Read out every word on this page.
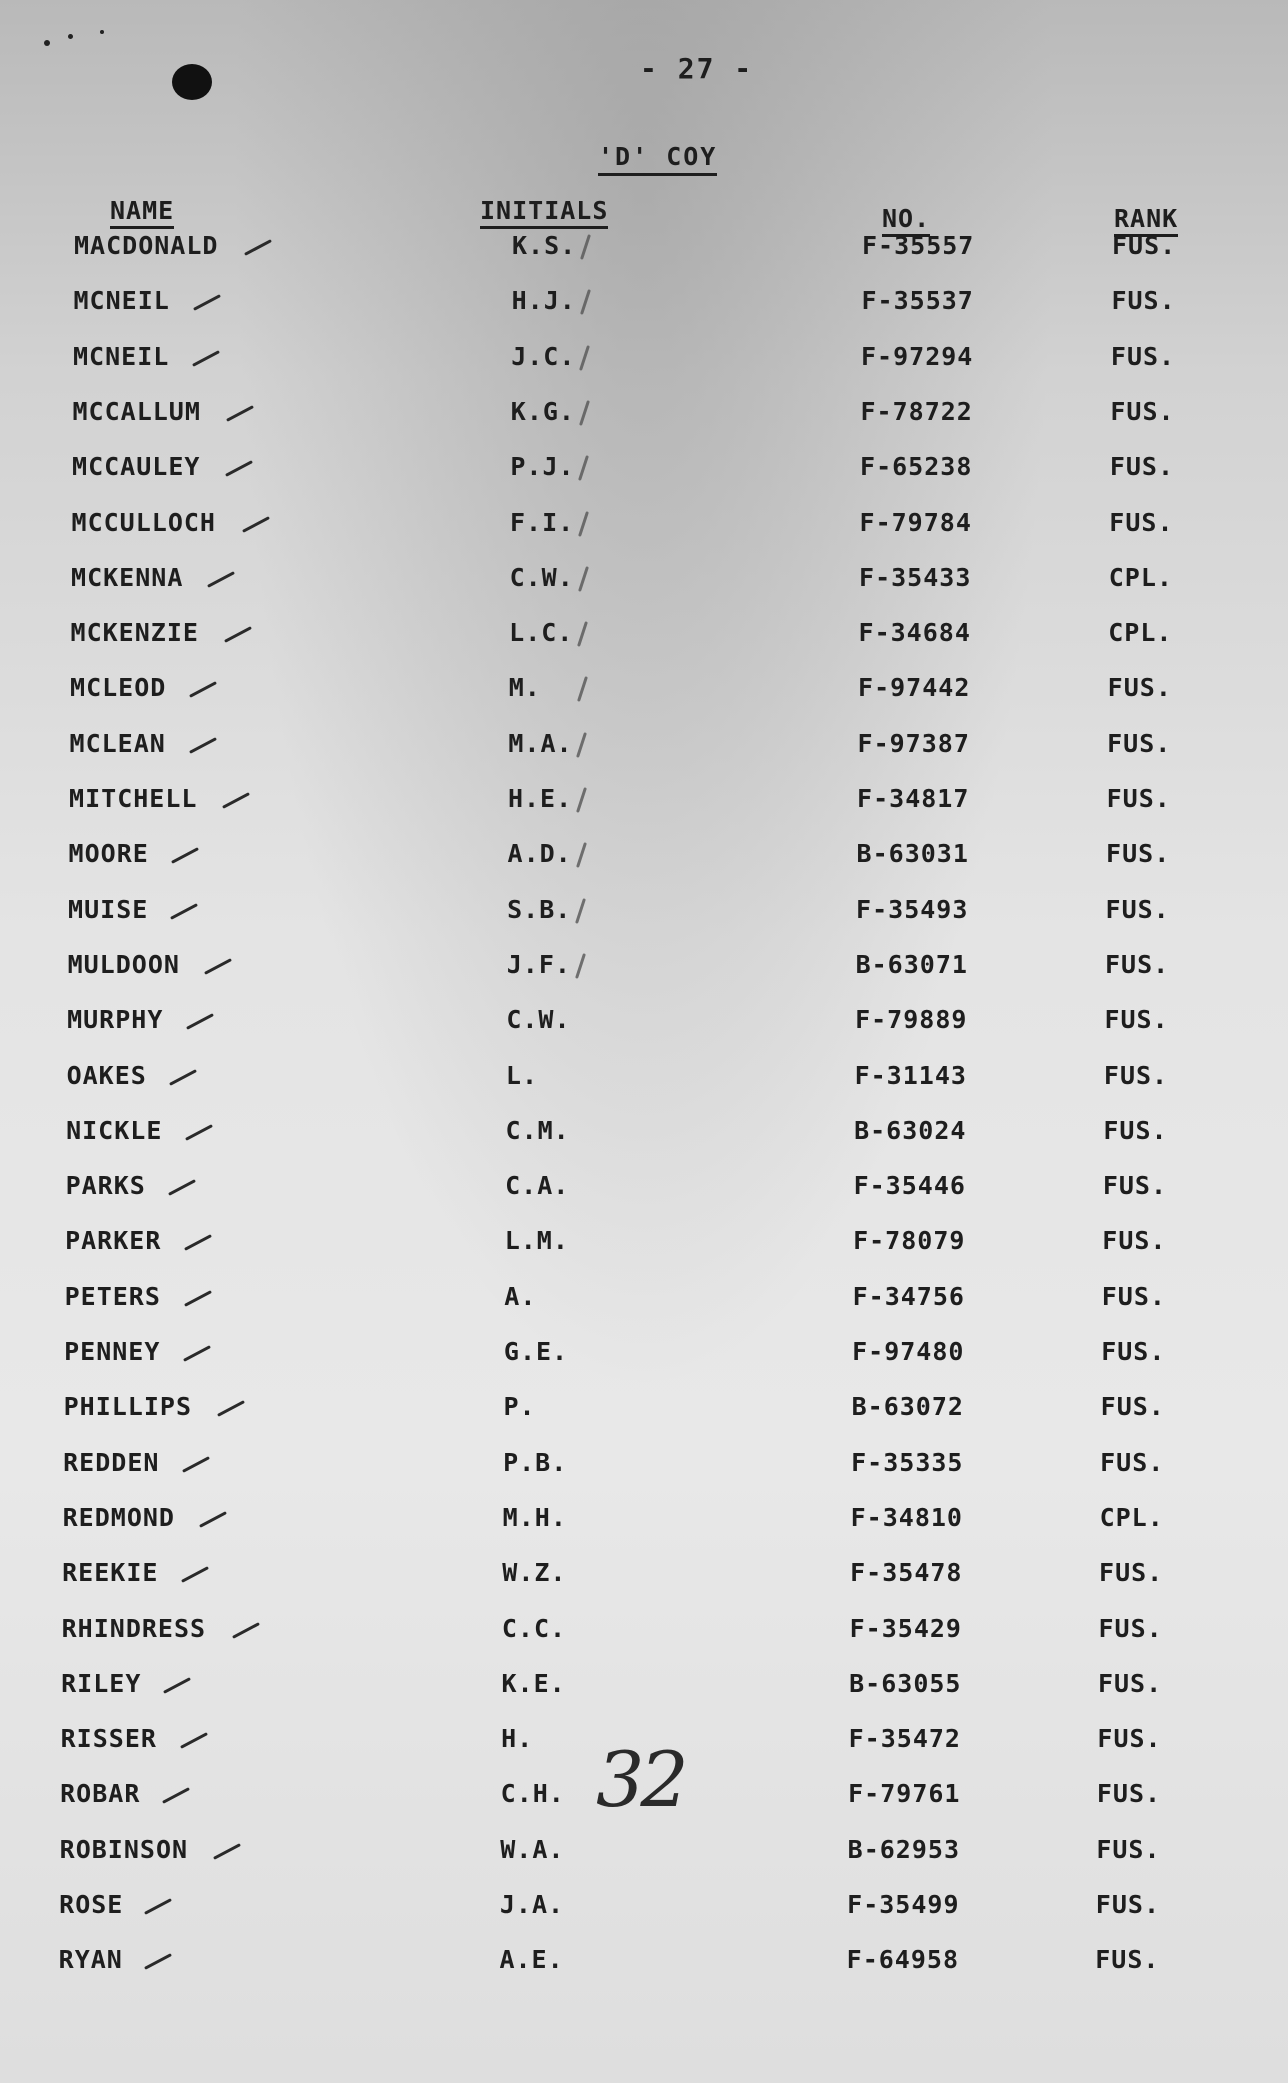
- 27 -
'D' COY
NAME	INITIALS	NO.	RANK
MACDONALD	K.S.	F-35557	FUS.
MCNEIL	H.J.	F-35537	FUS.
MCNEIL	J.C.	F-97294	FUS.
MCCALLUM	K.G.	F-78722	FUS.
MCCAULEY	P.J.	F-65238	FUS.
MCCULLOCH	F.I.	F-79784	FUS.
MCKENNA	C.W.	F-35433	CPL.
MCKENZIE	L.C.	F-34684	CPL.
MCLEOD	M.	F-97442	FUS.
MCLEAN	M.A.	F-97387	FUS.
MITCHELL	H.E.	F-34817	FUS.
MOORE	A.D.	B-63031	FUS.
MUISE	S.B.	F-35493	FUS.
MULDOON	J.F.	B-63071	FUS.
MURPHY	C.W.	F-79889	FUS.
OAKES	L.	F-31143	FUS.
NICKLE	C.M.	B-63024	FUS.
PARKS	C.A.	F-35446	FUS.
PARKER	L.M.	F-78079	FUS.
PETERS	A.	F-34756	FUS.
PENNEY	G.E.	F-97480	FUS.
PHILLIPS	P.	B-63072	FUS.
REDDEN	P.B.	F-35335	FUS.
REDMOND	M.H.	F-34810	CPL.
REEKIE	W.Z.	F-35478	FUS.
RHINDRESS	C.C.	F-35429	FUS.
RILEY	K.E.	B-63055	FUS.
RISSER	H.	F-35472	FUS.
ROBAR	C.H.	F-79761	FUS.
ROBINSON	W.A.	B-62953	FUS.
ROSE	J.A.	F-35499	FUS.
RYAN	A.E.	F-64958	FUS.
32
